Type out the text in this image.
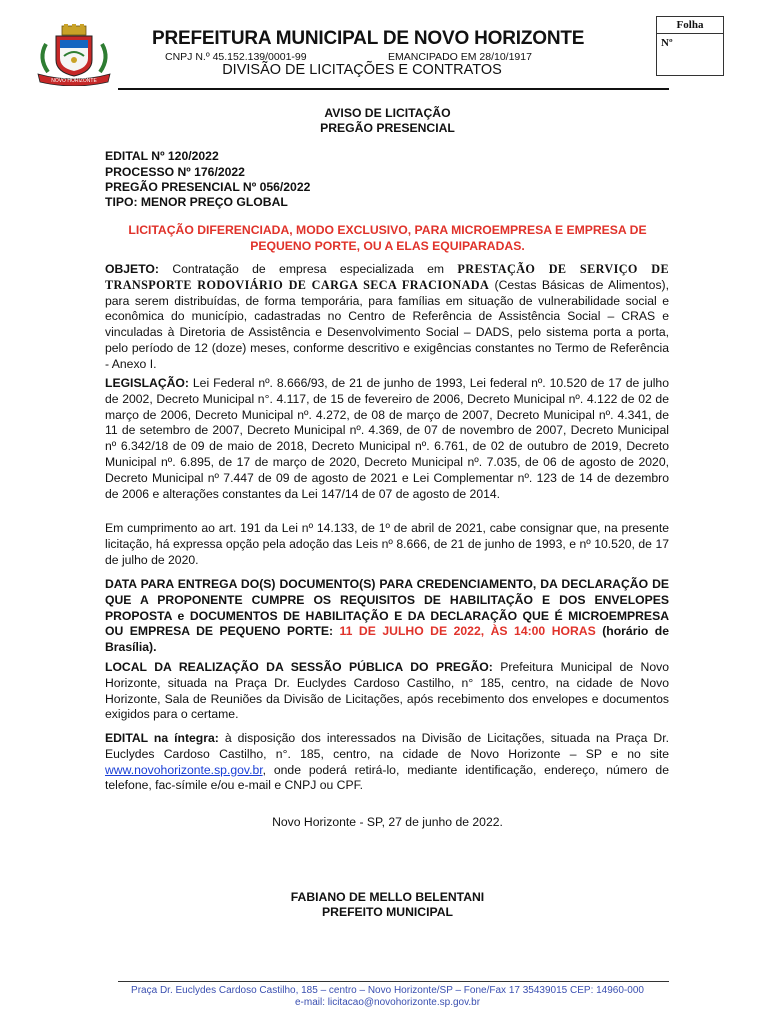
NOVO HORIZONTE
PREFEITURA MUNICIPAL DE NOVO HORIZONTE
CNPJ N.º 45.152.139/0001-99	EMANCIPADO EM 28/10/1917
DIVISÃO DE LICITAÇÕES E CONTRATOS
Folha
Nº
AVISO DE LICITAÇÃO
PREGÃO PRESENCIAL
EDITAL Nº 120/2022
PROCESSO Nº 176/2022
PREGÃO PRESENCIAL Nº 056/2022
TIPO: MENOR PREÇO GLOBAL
LICITAÇÃO DIFERENCIADA, MODO EXCLUSIVO, PARA MICROEMPRESA E EMPRESA DE PEQUENO PORTE, OU A ELAS EQUIPARADAS.
OBJETO: Contratação de empresa especializada em PRESTAÇÃO DE SERVIÇO DE TRANSPORTE RODOVIÁRIO DE CARGA SECA FRACIONADA (Cestas Básicas de Alimentos), para serem distribuídas, de forma temporária, para famílias em situação de vulnerabilidade social e econômica do município, cadastradas no Centro de Referência de Assistência Social – CRAS e vinculadas à Diretoria de Assistência e Desenvolvimento Social – DADS, pelo sistema porta a porta, pelo período de 12 (doze) meses, conforme descritivo e exigências constantes no Termo de Referência - Anexo I.
LEGISLAÇÃO: Lei Federal nº. 8.666/93, de 21 de junho de 1993, Lei federal nº. 10.520 de 17 de julho de 2002, Decreto Municipal n°. 4.117, de 15 de fevereiro de 2006, Decreto Municipal nº. 4.122 de 02 de março de 2006, Decreto Municipal nº. 4.272, de 08 de março de 2007, Decreto Municipal nº. 4.341, de 11 de setembro de 2007, Decreto Municipal nº. 4.369, de 07 de novembro de 2007, Decreto Municipal nº 6.342/18 de 09 de maio de 2018, Decreto Municipal nº. 6.761, de 02 de outubro de 2019, Decreto Municipal nº. 6.895, de 17 de março de 2020, Decreto Municipal nº. 7.035, de 06 de agosto de 2020, Decreto Municipal nº 7.447 de 09 de agosto de 2021 e Lei Complementar nº. 123 de 14 de dezembro de 2006 e alterações constantes da Lei 147/14 de 07 de agosto de 2014.
Em cumprimento ao art. 191 da Lei nº 14.133, de 1º de abril de 2021, cabe consignar que, na presente licitação, há expressa opção pela adoção das Leis nº 8.666, de 21 de junho de 1993, e nº 10.520, de 17 de julho de 2020.
DATA PARA ENTREGA DO(S) DOCUMENTO(S) PARA CREDENCIAMENTO, DA DECLARAÇÃO DE QUE A PROPONENTE CUMPRE OS REQUISITOS DE HABILITAÇÃO E DOS ENVELOPES PROPOSTA e DOCUMENTOS DE HABILITAÇÃO E DA DECLARAÇÃO QUE É MICROEMPRESA OU EMPRESA DE PEQUENO PORTE: 11 DE JULHO DE 2022, ÀS 14:00 HORAS (horário de Brasília).
LOCAL DA REALIZAÇÃO DA SESSÃO PÚBLICA DO PREGÃO: Prefeitura Municipal de Novo Horizonte, situada na Praça Dr. Euclydes Cardoso Castilho, n° 185, centro, na cidade de Novo Horizonte, Sala de Reuniões da Divisão de Licitações, após recebimento dos envelopes e documentos exigidos para o certame.
EDITAL na íntegra: à disposição dos interessados na Divisão de Licitações, situada na Praça Dr. Euclydes Cardoso Castilho, n°. 185, centro, na cidade de Novo Horizonte – SP e no site www.novohorizonte.sp.gov.br, onde poderá retirá-lo, mediante identificação, endereço, número de telefone, fac-símile e/ou e-mail e CNPJ ou CPF.
Novo Horizonte - SP, 27 de junho de 2022.
FABIANO DE MELLO BELENTANI
PREFEITO MUNICIPAL
Praça Dr. Euclydes Cardoso Castilho, 185 – centro – Novo Horizonte/SP – Fone/Fax 17 35439015 CEP: 14960-000
e-mail: licitacao@novohorizonte.sp.gov.br
